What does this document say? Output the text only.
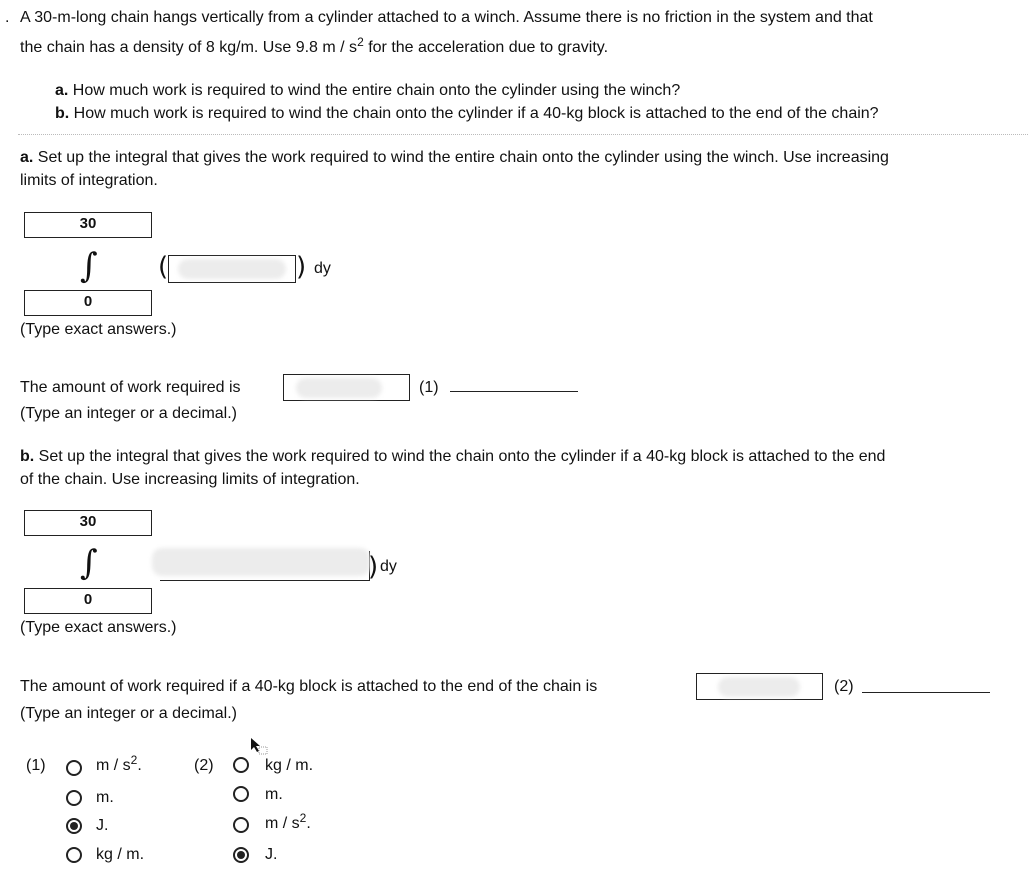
. A 30-m-long chain hangs vertically from a cylinder attached to a winch. Assume there is no friction in the system and that
the chain has a density of 8 kg/m. Use 9.8 m / $s^2$ for the acceleration due to gravity.
a. How much work is required to wind the entire chain onto the cylinder using the winch?
b. How much work is required to wind the chain onto the cylinder if a 40-kg block is attached to the end of the chain?
a. Set up the integral that gives the work required to wind the entire chain onto the cylinder using the winch. Use increasing
limits of integration.
30
∫
0
(	) dy
(Type exact answers.)
The amount of work required is	(1)
(Type an integer or a decimal.)
b. Set up the integral that gives the work required to wind the chain onto the cylinder if a 40-kg block is attached to the end
of the chain. Use increasing limits of integration.
30
∫
0
) dy
(Type exact answers.)
The amount of work required if a 40-kg block is attached to the end of the chain is	(2)
(Type an integer or a decimal.)
(1)	m / $s^2$.
m.
J.
kg / m.
(2)	kg / m.
m.
m / $s^2$.
J.
